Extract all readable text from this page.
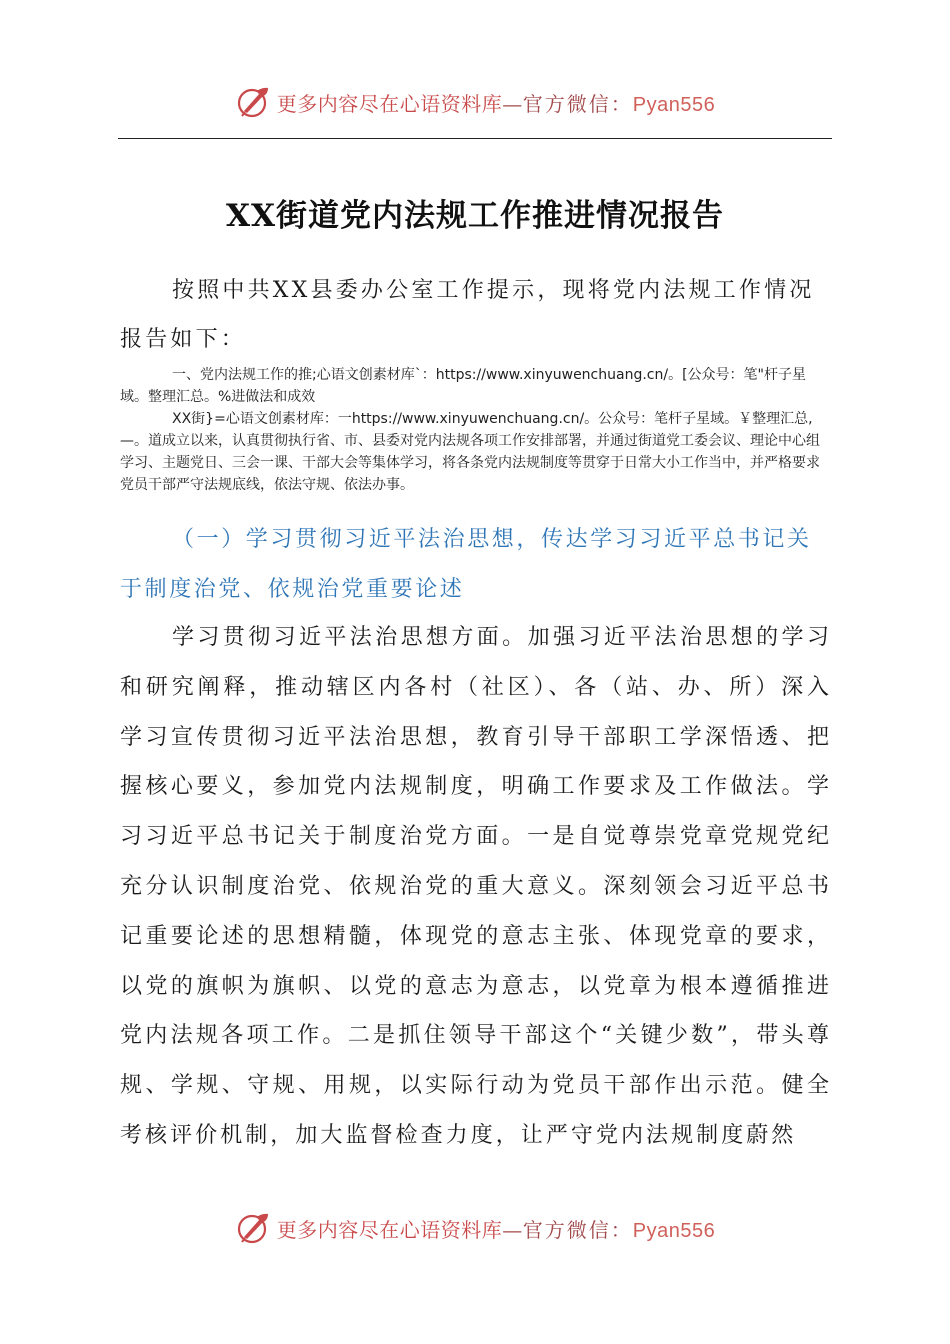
更多内容尽在心语资料库—官方微信：Pyan556
XX街道党内法规工作推进情况报告
按照中共XX县委办公室工作提示，现将党内法规工作情况报告如下：
一、党内法规工作的推;心语文创素材库`：https://www.xinyuwenchuang.cn/。[公众号：笔"杆子星域。整理汇总。%进做法和成效
XX街}=心语文创素材库：一https://www.xinyuwenchuang.cn/。公众号：笔杆子星域。￥整理汇总,—。道成立以来，认真贯彻执行省、市、县委对党内法规各项工作安排部署，并通过街道党工委会议、理论中心组学习、主题党日、三会一课、干部大会等集体学习，将各条党内法规制度等贯穿于日常大小工作当中，并严格要求党员干部严守法规底线，依法守规、依法办事。
（一）学习贯彻习近平法治思想，传达学习习近平总书记关于制度治党、依规治党重要论述
学习贯彻习近平法治思想方面。加强习近平法治思想的学习和研究阐释，推动辖区内各村（社区）、各（站、办、所）深入学习宣传贯彻习近平法治思想，教育引导干部职工学深悟透、把握核心要义，参加党内法规制度，明确工作要求及工作做法。学习习近平总书记关于制度治党方面。一是自觉尊崇党章党规党纪充分认识制度治党、依规治党的重大意义。深刻领会习近平总书记重要论述的思想精髓，体现党的意志主张、体现党章的要求，以党的旗帜为旗帜、以党的意志为意志，以党章为根本遵循推进党内法规各项工作。二是抓住领导干部这个“关键少数”，带头尊规、学规、守规、用规，以实际行动为党员干部作出示范。健全考核评价机制，加大监督检查力度，让严守党内法规制度蔚然
更多内容尽在心语资料库—官方微信：Pyan556
